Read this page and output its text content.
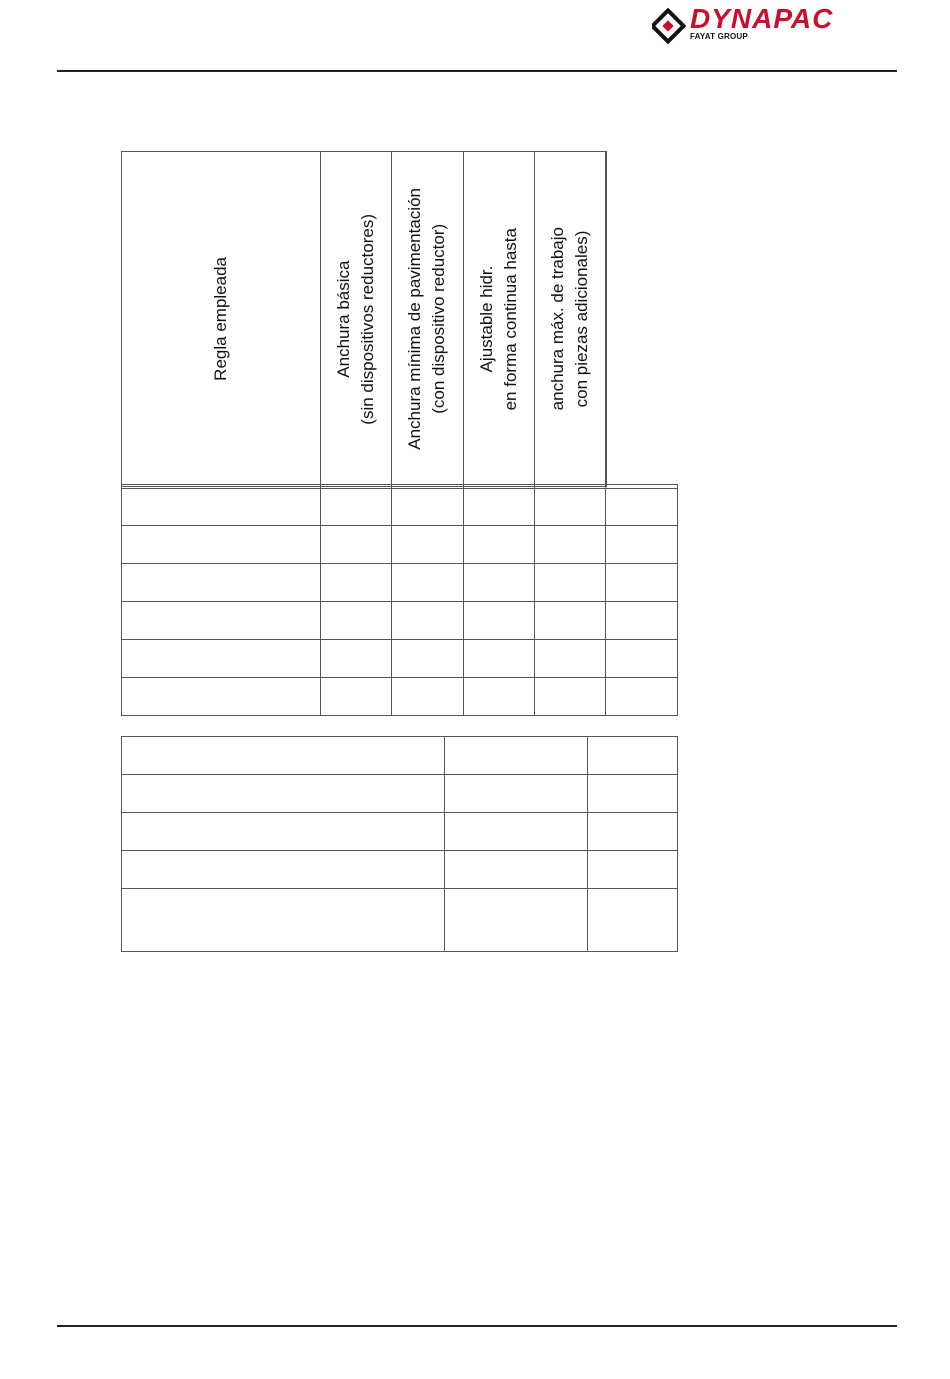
DYNAPAC
FAYAT GROUP
Regla empleada	Anchura básica
(sin dispositivos reductores)
Anchura mínima de pavimentación
(con dispositivo reductor)
Ajustable hidr.
en forma continua hasta
anchura máx. de trabajo
con piezas adicionales)
